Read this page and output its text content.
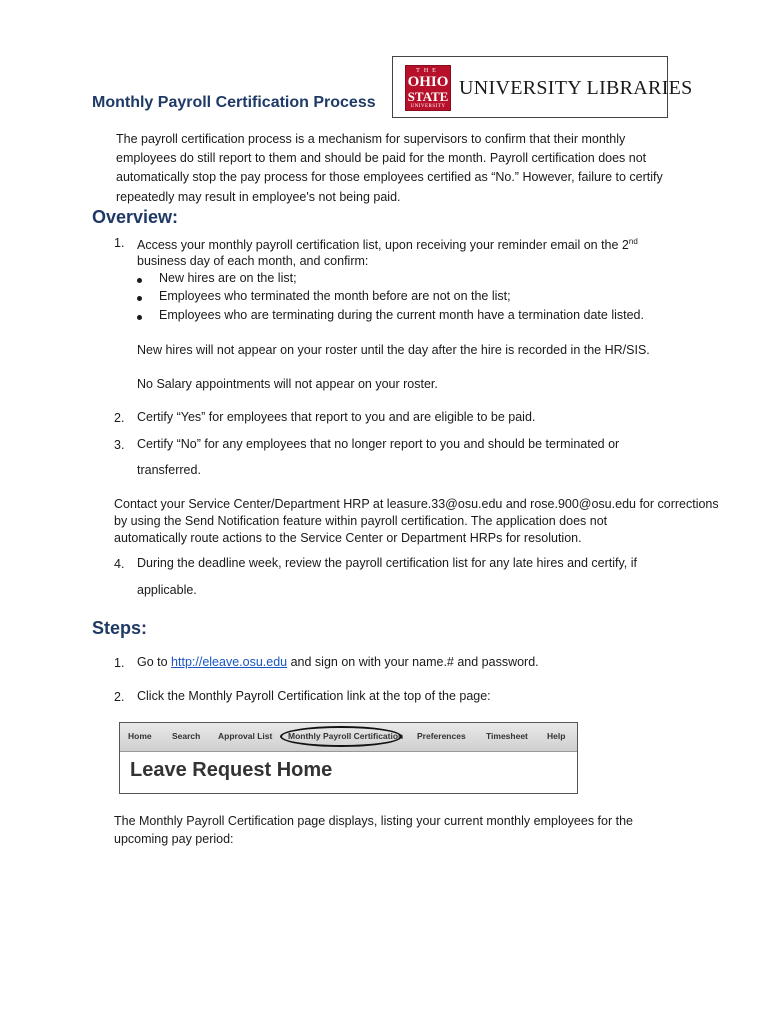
THE
OHIO
STATE
UNIVERSITY
UNIVERSITY LIBRARIES
Monthly Payroll Certification Process
The payroll certification process is a mechanism for supervisors to confirm that their monthly
employees do still report to them and should be paid for the month. Payroll certification does not
automatically stop the pay process for those employees certified as “No.” However, failure to certify
repeatedly may result in employee's not being paid.
Overview:
1. Access your monthly payroll certification list, upon receiving your reminder email on the 2nd
business day of each month, and confirm:
New hires are on the list;
Employees who terminated the month before are not on the list;
Employees who are terminating during the current month have a termination date listed.
New hires will not appear on your roster until the day after the hire is recorded in the HR/SIS.
No Salary appointments will not appear on your roster.
2. Certify “Yes” for employees that report to you and are eligible to be paid.
3. Certify “No” for any employees that no longer report to you and should be terminated or
transferred.
Contact your Service Center/Department HRP at leasure.33@osu.edu and rose.900@osu.edu for corrections
by using the Send Notification feature within payroll certification. The application does not
automatically route actions to the Service Center or Department HRPs for resolution.
4. During the deadline week, review the payroll certification list for any late hires and certify, if
applicable.
Steps:
1. Go to http://eleave.osu.edu and sign on with your name.# and password.
2. Click the Monthly Payroll Certification link at the top of the page:
Home Search Approval List Monthly Payroll Certification Preferences Timesheet Help
Leave Request Home
The Monthly Payroll Certification page displays, listing your current monthly employees for the
upcoming pay period:
